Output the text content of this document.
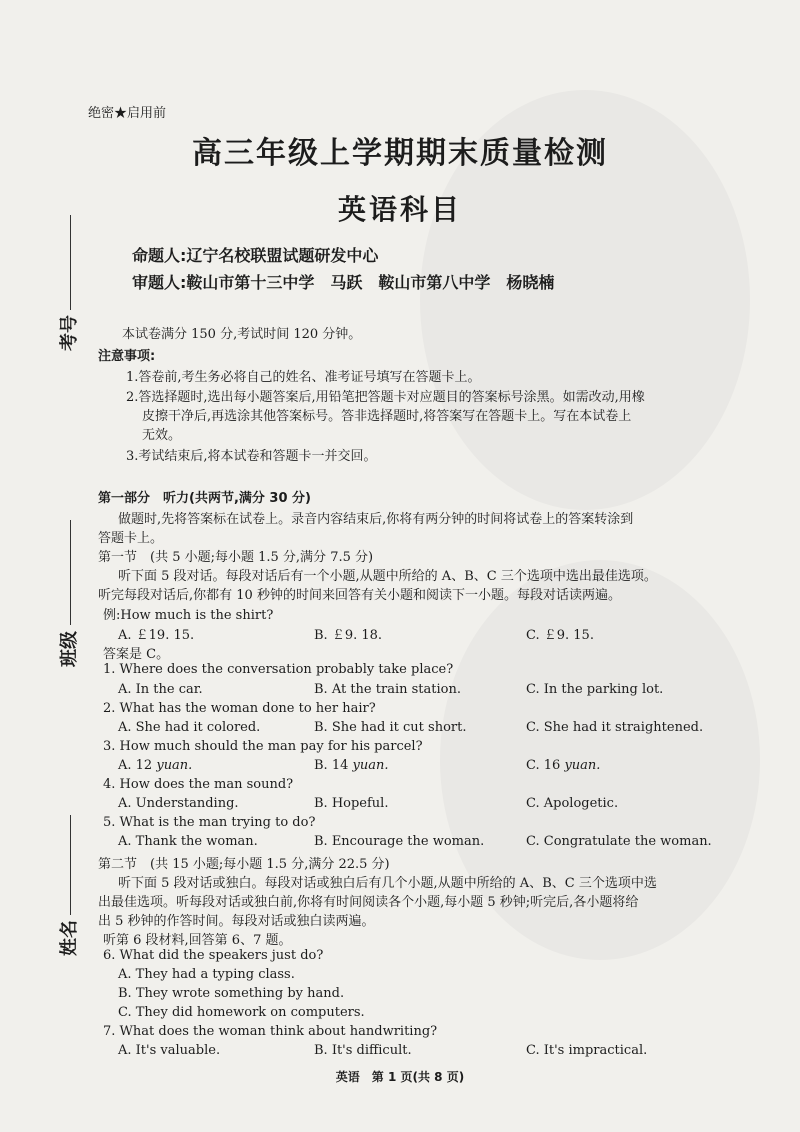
考号
班级
姓名
绝密★启用前
高三年级上学期期末质量检测
英语科目
命题人:辽宁名校联盟试题研发中心
审题人:鞍山市第十三中学　马跃　鞍山市第八中学　杨晓楠
本试卷满分 150 分,考试时间 120 分钟。
注意事项:
1.答卷前,考生务必将自己的姓名、准考证号填写在答题卡上。
2.答选择题时,选出每小题答案后,用铅笔把答题卡对应题目的答案标号涂黑。如需改动,用橡
皮擦干净后,再选涂其他答案标号。答非选择题时,将答案写在答题卡上。写在本试卷上
无效。
3.考试结束后,将本试卷和答题卡一并交回。
第一部分　听力(共两节,满分 30 分)
做题时,先将答案标在试卷上。录音内容结束后,你将有两分钟的时间将试卷上的答案转涂到
答题卡上。
第一节　(共 5 小题;每小题 1.5 分,满分 7.5 分)
听下面 5 段对话。每段对话后有一个小题,从题中所给的 A、B、C 三个选项中选出最佳选项。
听完每段对话后,你都有 10 秒钟的时间来回答有关小题和阅读下一小题。每段对话读两遍。
例:How much is the shirt?
A. ￡19. 15.	B. ￡9. 18.	C. ￡9. 15.
答案是 C。
1. Where does the conversation probably take place?
A. In the car.	B. At the train station.	C. In the parking lot.
2. What has the woman done to her hair?
A. She had it colored.	B. She had it cut short.	C. She had it straightened.
3. How much should the man pay for his parcel?
A. 12 yuan.	B. 14 yuan.	C. 16 yuan.
4. How does the man sound?
A. Understanding.	B. Hopeful.	C. Apologetic.
5. What is the man trying to do?
A. Thank the woman.	B. Encourage the woman.	C. Congratulate the woman.
第二节　(共 15 小题;每小题 1.5 分,满分 22.5 分)
听下面 5 段对话或独白。每段对话或独白后有几个小题,从题中所给的 A、B、C 三个选项中选
出最佳选项。听每段对话或独白前,你将有时间阅读各个小题,每小题 5 秒钟;听完后,各小题将给
出 5 秒钟的作答时间。每段对话或独白读两遍。
听第 6 段材料,回答第 6、7 题。
6. What did the speakers just do?
A. They had a typing class.
B. They wrote something by hand.
C. They did homework on computers.
7. What does the woman think about handwriting?
A. It's valuable.	B. It's difficult.	C. It's impractical.
英语　第 1 页(共 8 页)
